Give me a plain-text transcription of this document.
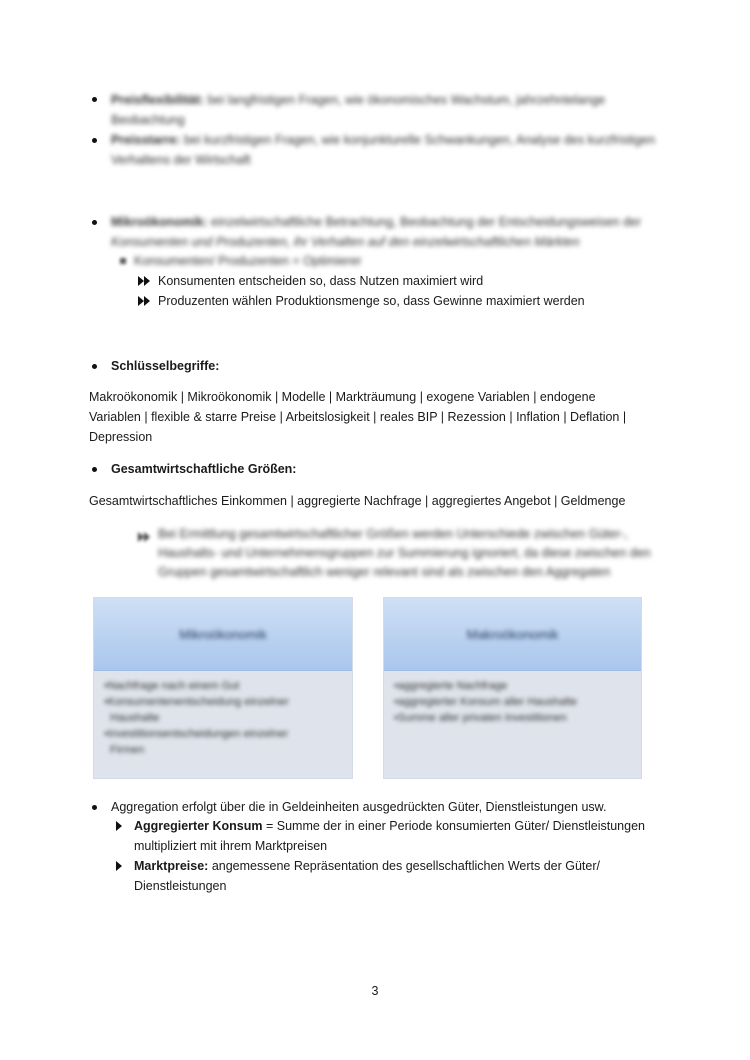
Preisflexibilität: bei langfristigen Fragen, wie ökonomisches Wachstum, jahrzehntelange
Beobachtung
Preisstarre: bei kurzfristigen Fragen, wie konjunkturelle Schwankungen, Analyse des kurzfristigen
Verhaltens der Wirtschaft
Mikroökonomik: einzelwirtschaftliche Betrachtung, Beobachtung der Entscheidungsweisen der
Konsumenten und Produzenten, ihr Verhalten auf den einzelwirtschaftlichen Märkten
Konsumenten/ Produzenten = Optimierer
Konsumenten entscheiden so, dass Nutzen maximiert wird
Produzenten wählen Produktionsmenge so, dass Gewinne maximiert werden
Schlüsselbegriffe:
Makroökonomik | Mikroökonomik | Modelle | Markträumung | exogene Variablen | endogene
Variablen | flexible & starre Preise | Arbeitslosigkeit | reales BIP | Rezession | Inflation | Deflation |
Depression
Gesamtwirtschaftliche Größen:
Gesamtwirtschaftliches Einkommen | aggregierte Nachfrage | aggregiertes Angebot | Geldmenge
Bei Ermittlung gesamtwirtschaftlicher Größen werden Unterschiede zwischen Güter-,
Haushalts- und Unternehmensgruppen zur Summierung ignoriert, da diese zwischen den
Gruppen gesamtwirtschaftlich weniger relevant sind als zwischen den Aggregaten
Mikroökonomik
•Nachfrage nach einem Gut
•Konsumentenentscheidung einzelner
Haushalte
•Investitionsentscheidungen einzelner
Firmen
Makroökonomik
•aggregierte Nachfrage
•aggregierter Konsum aller Haushalte
•Summe aller privaten Investitionen
Aggregation erfolgt über die in Geldeinheiten ausgedrückten Güter, Dienstleistungen usw.
Aggregierter Konsum = Summe der in einer Periode konsumierten Güter/ Dienstleistungen
multipliziert mit ihrem Marktpreisen
Marktpreise: angemessene Repräsentation des gesellschaftlichen Werts der Güter/
Dienstleistungen
3
